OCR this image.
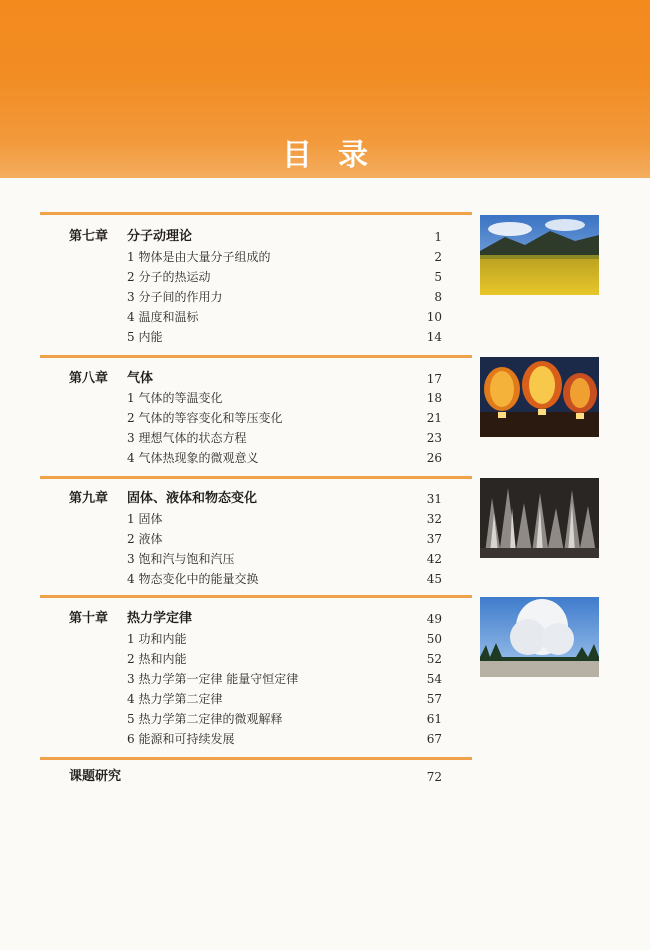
目录
第七章 分子动理论	1
1 物体是由大量分子组成的	2
2 分子的热运动	5
3 分子间的作用力	8
4 温度和温标	10
5 内能	14
第八章 气体	17
1 气体的等温变化	18
2 气体的等容变化和等压变化	21
3 理想气体的状态方程	23
4 气体热现象的微观意义	26
第九章 固体、液体和物态变化	31
1 固体	32
2 液体	37
3 饱和汽与饱和汽压	42
4 物态变化中的能量交换	45
第十章 热力学定律	49
1 功和内能	50
2 热和内能	52
3 热力学第一定律 能量守恒定律	54
4 热力学第二定律	57
5 热力学第二定律的微观解释	61
6 能源和可持续发展	67
课题研究	72
